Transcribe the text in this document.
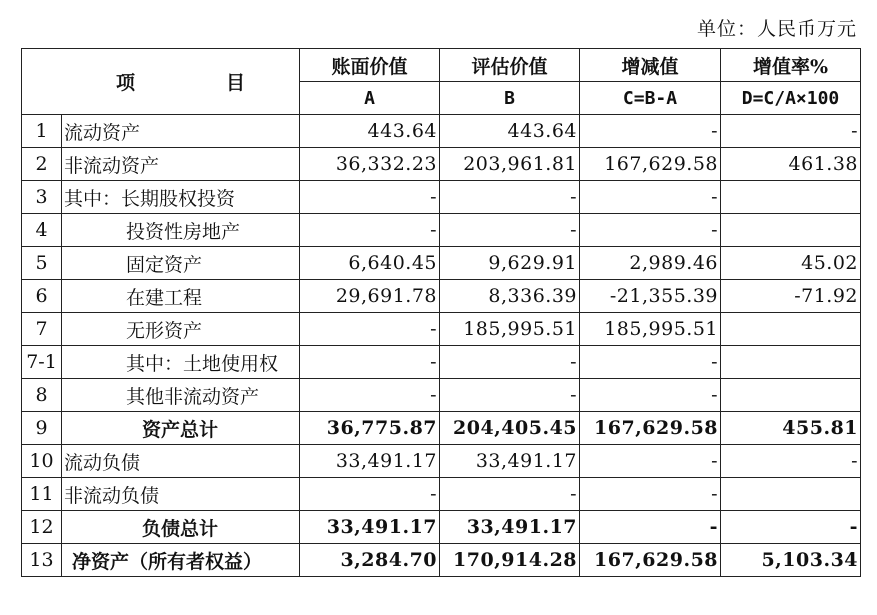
单位：人民币万元
项 目		账面价值	评估价值	增减值	增值率%
		A	B	C=B-A	D=C/A×100
1	流动资产	443.64	443.64	-	-
2	非流动资产	36,332.23	203,961.81	167,629.58	461.38
3	其中：长期股权投资	-	-	-	
4	投资性房地产	-	-	-	
5	固定资产	6,640.45	9,629.91	2,989.46	45.02
6	在建工程	29,691.78	8,336.39	-21,355.39	-71.92
7	无形资产	-	185,995.51	185,995.51	
7-1	其中：土地使用权	-	-	-	
8	其他非流动资产	-	-	-	
9	资产总计	36,775.87	204,405.45	167,629.58	455.81
10	流动负债	33,491.17	33,491.17	-	-
11	非流动负债	-	-	-	
12	负债总计	33,491.17	33,491.17	-	-
13	净资产（所有者权益）	3,284.70	170,914.28	167,629.58	5,103.34
